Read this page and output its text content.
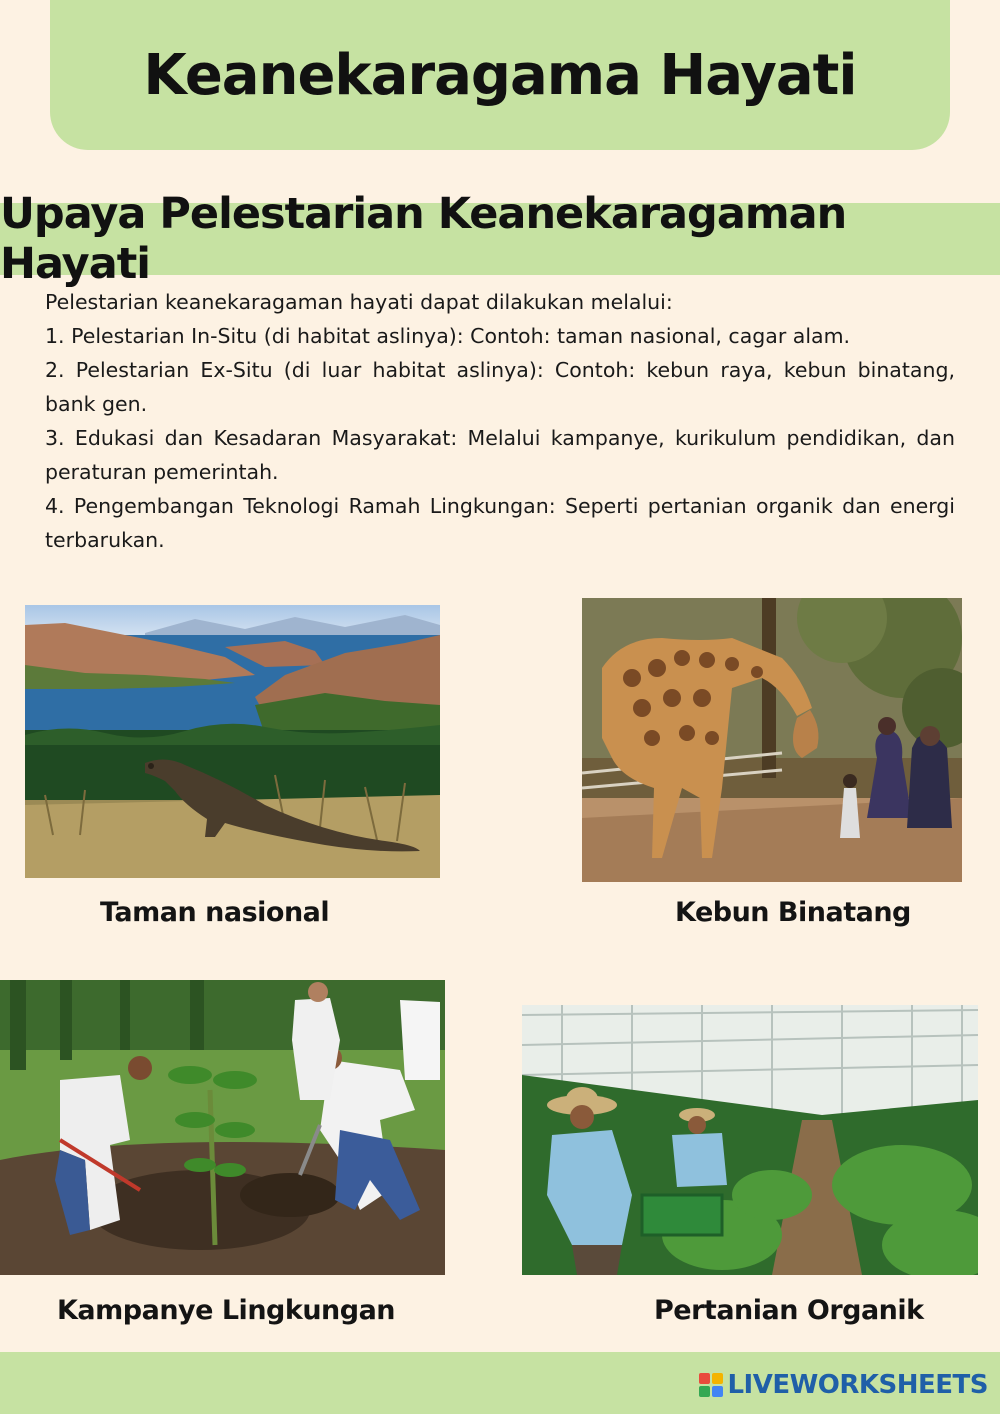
Keanekaragama Hayati
Upaya Pelestarian Keanekaragaman Hayati

Pelestarian keanekaragaman hayati dapat dilakukan melalui:

1. Pelestarian In-Situ (di habitat aslinya): Contoh: taman nasional, cagar alam.

2. Pelestarian Ex-Situ (di luar habitat aslinya): Contoh: kebun raya, kebun binatang, bank gen.

3. Edukasi dan Kesadaran Masyarakat: Melalui kampanye, kurikulum pendidikan, dan peraturan pemerintah.

4. Pengembangan Teknologi Ramah Lingkungan: Seperti pertanian organik dan energi terbarukan.

Taman nasional	Kebun Binatang
Kampanye Lingkungan	Pertanian Organik
LIVEWORKSHEETS
